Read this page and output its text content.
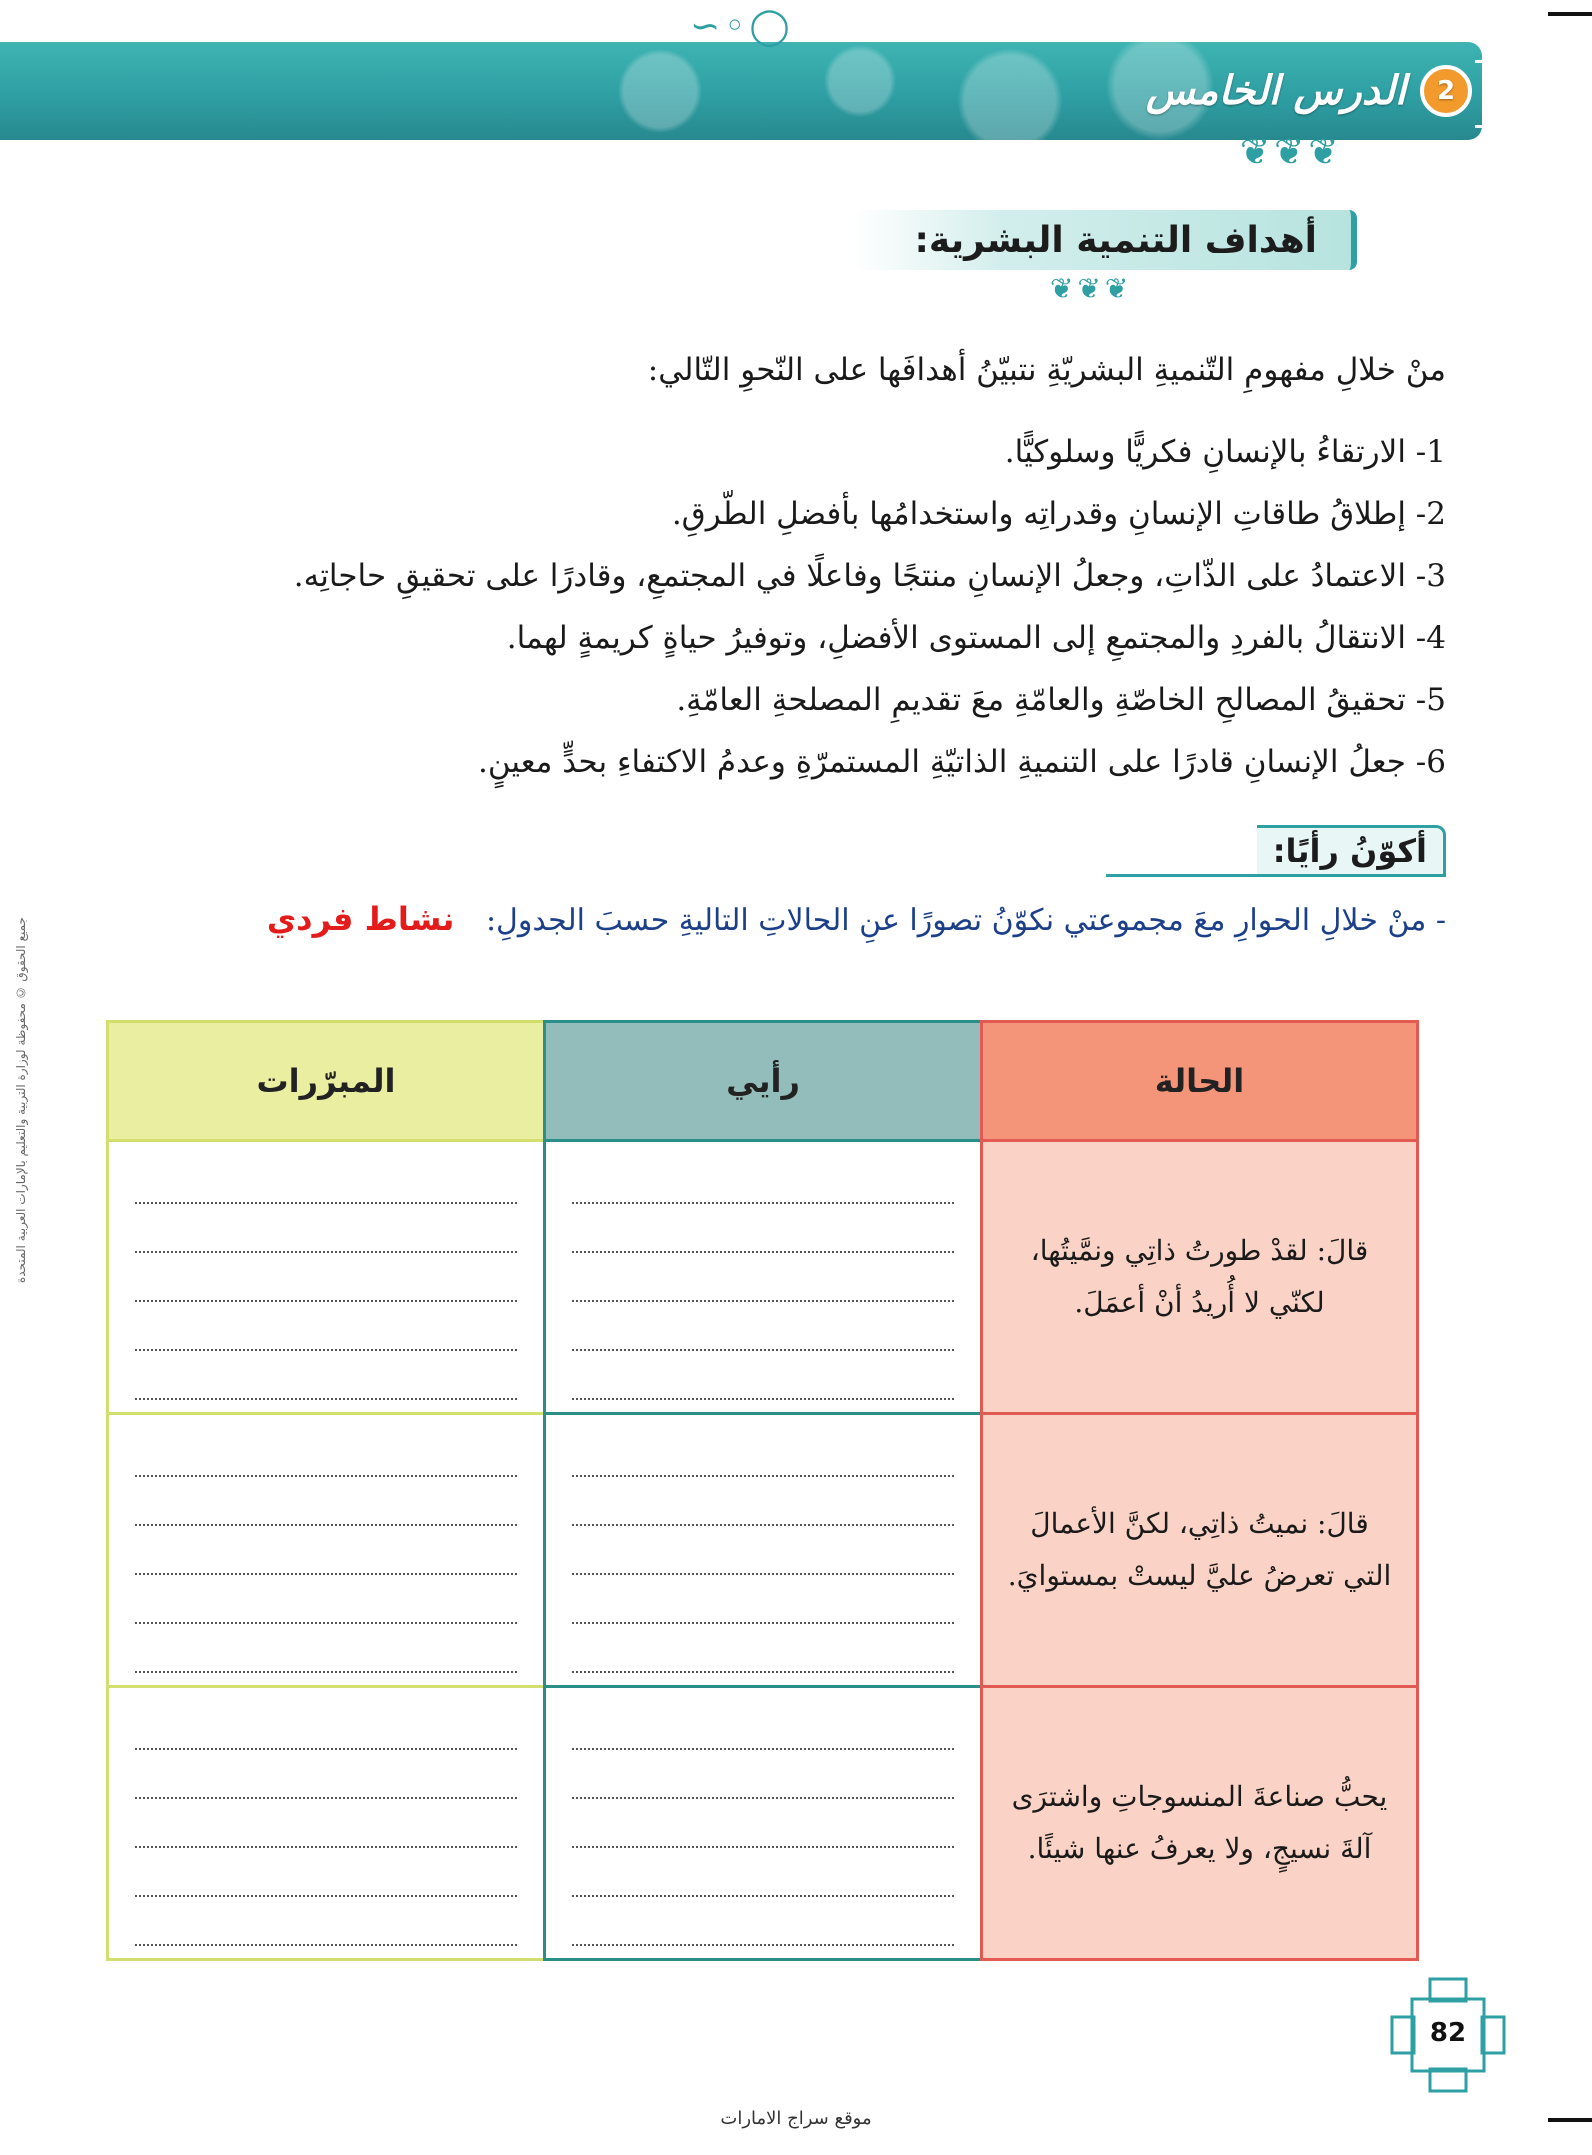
جميع الحقوق © محفوظة لوزارة التربية والتعليم بالإمارات العربية المتحدة
∽◦◯
❦❦❦
2
الدرس الخامس
أهداف التنمية البشرية:
❦❦❦
منْ خلالِ مفهومِ التّنميةِ البشريّةِ نتبيّنُ أهدافَها على النّحوِ التّالي:
1- الارتقاءُ بالإنسانِ فكريًّا وسلوكيًّا.
2- إطلاقُ طاقاتِ الإنسانِ وقدراتِه واستخدامُها بأفضلِ الطّرقِ.
3- الاعتمادُ على الذّاتِ، وجعلُ الإنسانِ منتجًا وفاعلًا في المجتمعِ، وقادرًا على تحقيقِ حاجاتِه.
4- الانتقالُ بالفردِ والمجتمعِ إلى المستوى الأفضلِ، وتوفيرُ حياةٍ كريمةٍ لهما.
5- تحقيقُ المصالحِ الخاصّةِ والعامّةِ معَ تقديمِ المصلحةِ العامّةِ.
6- جعلُ الإنسانِ قادرًا على التنميةِ الذاتيّةِ المستمرّةِ وعدمُ الاكتفاءِ بحدٍّ معينٍ.
أكوّنُ رأيًا:
- منْ خلالِ الحوارِ معَ مجموعتي نكوّنُ تصورًا عنِ الحالاتِ التاليةِ حسبَ الجدولِ: نشاط فردي
الحالة	رأيي	المبرّرات

قالَ: لقدْ طورتُ ذاتِي ونمَّيتُها،
لكنّي لا أُريدُ أنْ أعمَلَ.		

قالَ: نميتُ ذاتِي، لكنَّ الأعمالَ
التي تعرضُ عليَّ ليستْ بمستوايَ.		

يحبُّ صناعةَ المنسوجاتِ واشترَى
آلةَ نسيجٍ، ولا يعرفُ عنها شيئًا.		

82
موقع سراج الامارات
